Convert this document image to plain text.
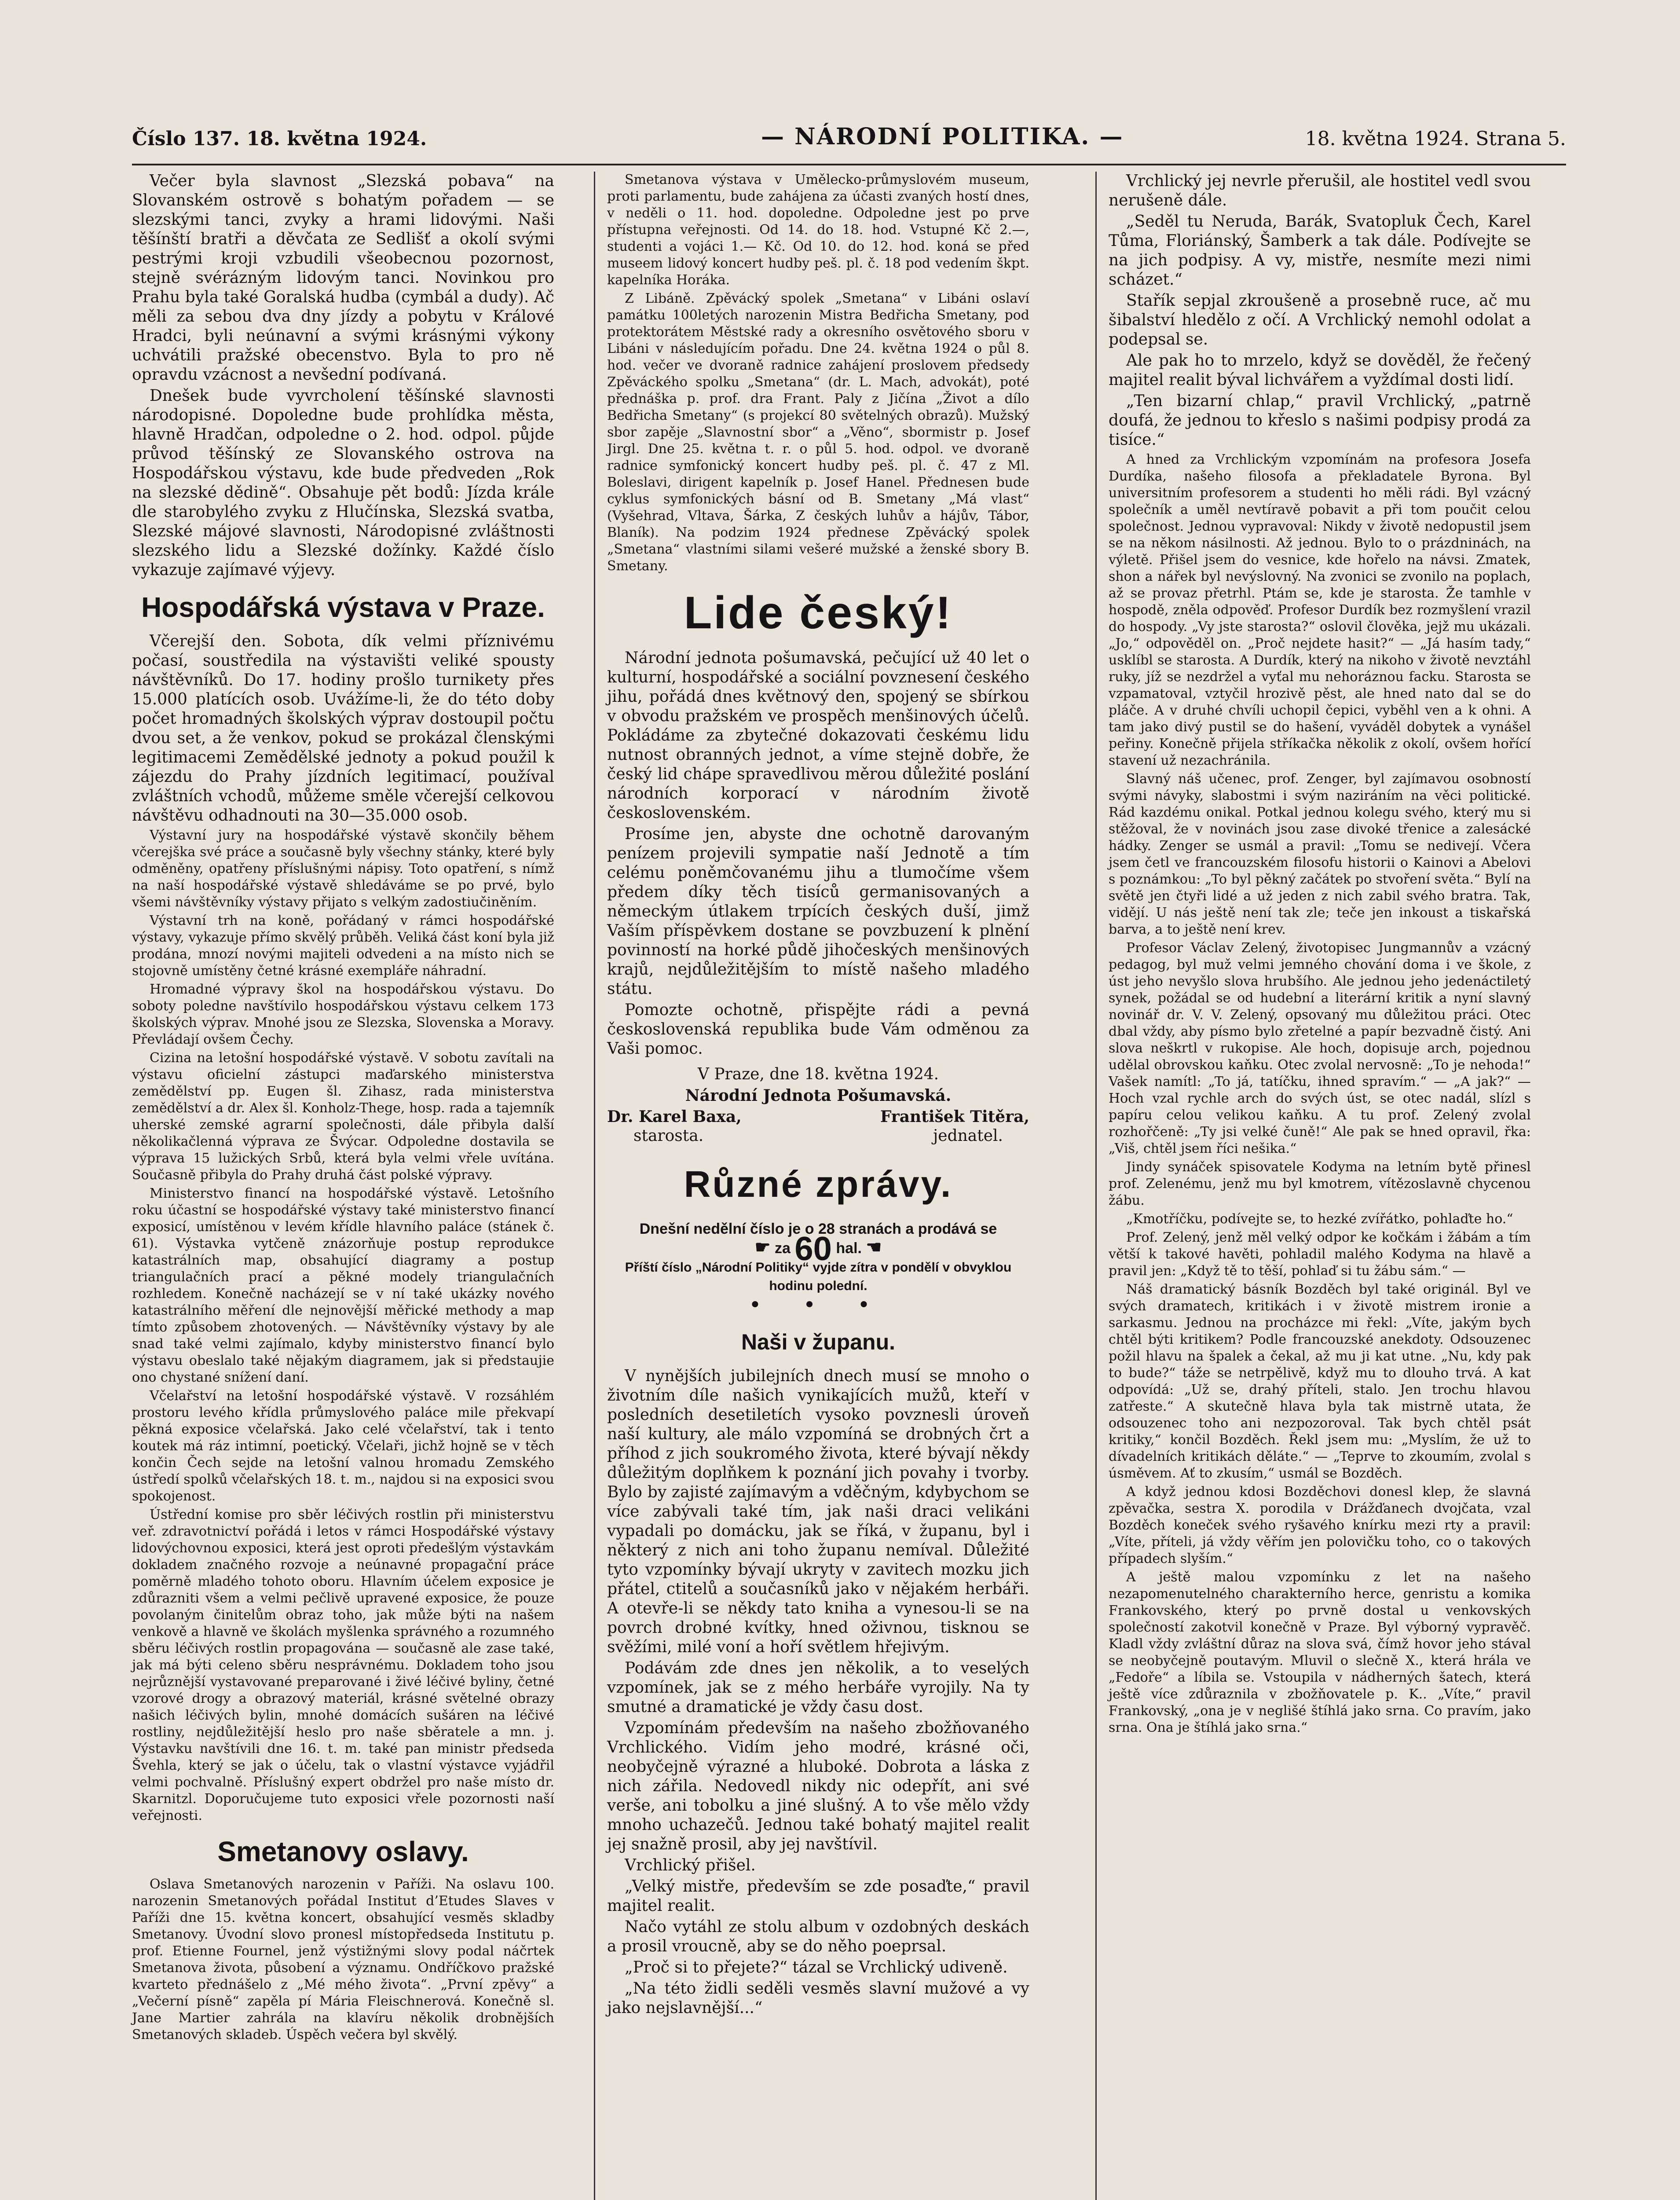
Číslo 137. 18. května 1924.	— NÁRODNÍ POLITIKA. —	18. května 1924. Strana 5.

Večer byla slavnost „Slezská pobava“ na Slovanském ostrově s bohatým pořadem — se slezskými tanci, zvyky a hrami lidovými. Naši těšínští bratři a děvčata ze Sedlišť a okolí svými pestrými kroji vzbudili všeobecnou pozornost, stejně svérázným lidovým tanci. Novinkou pro Prahu byla také Goralská hudba (cymbál a dudy). Ač měli za sebou dva dny jízdy a pobytu v Králové Hradci, byli neúnavní a svými krásnými výkony uchvátili pražské obecenstvo. Byla to pro ně opravdu vzácnost a nevšední podívaná.

Dnešek bude vyvrcholení těšínské slavnosti národopisné. Dopoledne bude prohlídka města, hlavně Hradčan, odpoledne o 2. hod. odpol. půjde průvod těšínský ze Slovanského ostrova na Hospodářskou výstavu, kde bude předveden „Rok na slezské dědině“. Obsahuje pět bodů: Jízda krále dle starobylého zvyku z Hlučínska, Slezská svatba, Slezské májové slavnosti, Národopisné zvláštnosti slezského lidu a Slezské dožínky. Každé číslo vykazuje zajímavé výjevy.

Hospodářská výstava v Praze.

Včerejší den. Sobota, dík velmi příznivému počasí, soustředila na výstavišti veliké spousty návštěvníků. Do 17. hodiny prošlo turnikety přes 15.000 platících osob. Uvážíme-li, že do této doby počet hromadných školských výprav dostoupil počtu dvou set, a že venkov, pokud se prokázal členskými legitimacemi Zemědělské jednoty a pokud použil k zájezdu do Prahy jízdních legitimací, používal zvláštních vchodů, můžeme směle včerejší celkovou návštěvu odhadnouti na 30—35.000 osob.

Výstavní jury na hospodářské výstavě skončily během včerejška své práce a současně byly všechny stánky, které byly odměněny, opatřeny příslušnými nápisy. Toto opatření, s nímž na naší hospodářské výstavě shledáváme se po prvé, bylo všemi návštěvníky výstavy přijato s velkým zadostiučiněním.

Výstavní trh na koně, pořádaný v rámci hospodářské výstavy, vykazuje přímo skvělý průběh. Veliká část koní byla již prodána, mnozí novými majiteli odvedeni a na místo nich se stojovně umístěny četné krásné exempláře náhradní.

Hromadné výpravy škol na hospodářskou výstavu. Do soboty poledne navštívilo hospodářskou výstavu celkem 173 školských výprav. Mnohé jsou ze Slezska, Slovenska a Moravy. Převládají ovšem Čechy.

Cizina na letošní hospodářské výstavě. V sobotu zavítali na výstavu oficielní zástupci maďarského ministerstva zemědělství pp. Eugen šl. Zihasz, rada ministerstva zemědělství a dr. Alex šl. Konholz-Thege, hosp. rada a tajemník uherské zemské agrarní společnosti, dále přibyla další několikačlenná výprava ze Švýcar. Odpoledne dostavila se výprava 15 lužických Srbů, která byla velmi vřele uvítána. Současně přibyla do Prahy druhá část polské výpravy.

Ministerstvo financí na hospodářské výstavě. Letošního roku účastní se hospodářské výstavy také ministerstvo financí exposicí, umístěnou v levém křídle hlavního paláce (stánek č. 61). Výstavka vytčeně znázorňuje postup reprodukce katastrálních map, obsahující diagramy a postup triangulačních prací a pěkné modely triangulačních rozhledem. Konečně nacházejí se v ní také ukázky nového katastrálního měření dle nejnovější měřické methody a map tímto způsobem zhotovených. — Návštěvníky výstavy by ale snad také velmi zajímalo, kdyby ministerstvo financí bylo výstavu obeslalo také nějakým diagramem, jak si předstaujie ono chystané snížení daní.

Včelařství na letošní hospodářské výstavě. V rozsáhlém prostoru levého křídla průmyslového paláce mile překvapí pěkná exposice včelařská. Jako celé včelařství, tak i tento koutek má ráz intimní, poetický. Včelaři, jichž hojně se v těch končin Čech sejde na letošní valnou hromadu Zemského ústředí spolků včelařských 18. t. m., najdou si na exposici svou spokojenost.

Ústřední komise pro sběr léčivých rostlin při ministerstvu veř. zdravotnictví pořádá i letos v rámci Hospodářské výstavy lidovýchovnou exposici, která jest oproti předešlým výstavkám dokladem značného rozvoje a neúnavné propagační práce poměrně mladého tohoto oboru. Hlavním účelem exposice je zdůrazniti všem a velmi pečlivě upravené exposice, že pouze povolaným činitelům obraz toho, jak může býti na našem venkově a hlavně ve školách myšlenka správného a rozumného sběru léčivých rostlin propagována — současně ale zase také, jak má býti celeno sběru nesprávnému. Dokladem toho jsou nejrůznější vystavované preparované i živé léčivé byliny, četné vzorové drogy a obrazový materiál, krásné světelné obrazy našich léčivých bylin, mnohé domácích sušáren na léčivé rostliny, nejdůležitější heslo pro naše sběratele a mn. j. Výstavku navštívili dne 16. t. m. také pan ministr předseda Švehla, který se jak o účelu, tak o vlastní výstavce vyjádřil velmi pochvalně. Příslušný expert obdržel pro naše místo dr. Skarnitzl. Doporučujeme tuto exposici vřele pozornosti naší veřejnosti.

Smetanovy oslavy.

Oslava Smetanových narozenin v Paříži. Na oslavu 100. narozenin Smetanových pořádal Institut d’Etudes Slaves v Paříži dne 15. května koncert, obsahující vesměs skladby Smetanovy. Úvodní slovo pronesl místopředseda Institutu p. prof. Etienne Fournel, jenž výstižnými slovy podal náčrtek Smetanova života, působení a významu. Ondříčkovo pražské kvarteto přednášelo z „Mé mého života“. „První zpěvy“ a „Večerní písně“ zapěla pí Mária Fleischnerová. Konečně sl. Jane Martier zahrála na klavíru několik drobnějších Smetanových skladeb. Úspěch večera byl skvělý.

Smetanova výstava v Umělecko-průmyslovém museum, proti parlamentu, bude zahájena za účasti zvaných hostí dnes, v neděli o 11. hod. dopoledne. Odpoledne jest po prve přístupna veřejnosti. Od 14. do 18. hod. Vstupné Kč 2.—, studenti a vojáci 1.— Kč. Od 10. do 12. hod. koná se před museem lidový koncert hudby peš. pl. č. 18 pod vedením škpt. kapelníka Horáka.

Z Libáně. Zpěvácký spolek „Smetana“ v Libáni oslaví památku 100letých narozenin Mistra Bedřicha Smetany, pod protektorátem Městské rady a okresního osvětového sboru v Libáni v následujícím pořadu. Dne 24. května 1924 o půl 8. hod. večer ve dvoraně radnice zahájení proslovem předsedy Zpěváckého spolku „Smetana“ (dr. L. Mach, advokát), poté přednáška p. prof. dra Frant. Paly z Jičína „Život a dílo Bedřicha Smetany“ (s projekcí 80 světelných obrazů). Mužský sbor zapěje „Slavnostní sbor“ a „Věno“, sbormistr p. Josef Jirgl. Dne 25. května t. r. o půl 5. hod. odpol. ve dvoraně radnice symfonický koncert hudby peš. pl. č. 47 z Ml. Boleslavi, dirigent kapelník p. Josef Hanel. Přednesen bude cyklus symfonických básní od B. Smetany „Má vlast“ (Vyšehrad, Vltava, Šárka, Z českých luhův a hájův, Tábor, Blaník). Na podzim 1924 přednese Zpěvácký spolek „Smetana“ vlastními silami vešeré mužské a ženské sbory B. Smetany.

Lide český!

Národní jednota pošumavská, pečující už 40 let o kulturní, hospodářské a sociální povznesení českého jihu, pořádá dnes květnový den, spojený se sbírkou v obvodu pražském ve prospěch menšinových účelů. Pokládáme za zbytečné dokazovati českému lidu nutnost obranných jednot, a víme stejně dobře, že český lid chápe spravedlivou měrou důležité poslání národních korporací v národním životě československém.

Prosíme jen, abyste dne ochotně darovaným penízem projevili sympatie naší Jednotě a tím celému poněmčovanému jihu a tlumočíme všem předem díky těch tisíců germanisovaných a německým útlakem trpících českých duší, jimž Vaším příspěvkem dostane se povzbuzení k plnění povinností na horké půdě jihočeských menšinových krajů, nejdůležitějším to místě našeho mladého státu.

Pomozte ochotně, přispějte rádi a pevná československá republika bude Vám odměnou za Vaši pomoc.

V Praze, dne 18. května 1924.

Národní Jednota Pošumavská.

Dr. Karel Baxa,	František Titěra,
starosta.	jednatel.
Různé zprávy.
Dnešní nedělní číslo je o 28 stranách a prodává se
☛ za 60 hal. ☚
Příští číslo „Národní Politiky“ vyjde zítra v pondělí v obvyklou hodinu polední.
• • •
Naši v županu.

V nynějších jubilejních dnech musí se mnoho o životním díle našich vynikajících mužů, kteří v posledních desetiletích vysoko povznesli úroveň naší kultury, ale málo vzpomíná se drobných črt a příhod z jich soukromého života, které bývají někdy důležitým doplňkem k poznání jich povahy i tvorby. Bylo by zajisté zajímavým a vděčným, kdybychom se více zabývali také tím, jak naši draci velikáni vypadali po domácku, jak se říká, v županu, byl i některý z nich ani toho županu nemíval. Důležité tyto vzpomínky bývají ukryty v zavitech mozku jich přátel, ctitelů a současníků jako v nějakém herbáři. A otevře-li se někdy tato kniha a vynesou-li se na povrch drobné kvítky, hned oživnou, tisknou se svěžími, milé voní a hoří světlem hřejivým.

Podávám zde dnes jen několik, a to veselých vzpomínek, jak se z mého herbáře vyrojily. Na ty smutné a dramatické je vždy času dost.

Vzpomínám především na našeho zbožňovaného Vrchlického. Vidím jeho modré, krásné oči, neobyčejně výrazné a hluboké. Dobrota a láska z nich zářila. Nedovedl nikdy nic odepřít, ani své verše, ani tobolku a jiné slušný. A to vše mělo vždy mnoho uchazečů. Jednou také bohatý majitel realit jej snažně prosil, aby jej navštívil.

Vrchlický přišel.

„Velký mistře, především se zde posaďte,“ pravil majitel realit.

Načo vytáhl ze stolu album v ozdobných deskách a prosil vroucně, aby se do něho poeprsal.

„Proč si to přejete?“ tázal se Vrchlický udiveně.

„Na této židli seděli vesměs slavní mužové a vy jako nejslavnější...“

Vrchlický jej nevrle přerušil, ale hostitel vedl svou nerušeně dále.

„Seděl tu Neruda, Barák, Svatopluk Čech, Karel Tůma, Floriánský, Šamberk a tak dále. Podívejte se na jich podpisy. A vy, mistře, nesmíte mezi nimi scházet.“

Stařík sepjal zkroušeně a prosebně ruce, ač mu šibalství hledělo z očí. A Vrchlický nemohl odolat a podepsal se.

Ale pak ho to mrzelo, když se dověděl, že řečený majitel realit býval lichvářem a vyždímal dosti lidí.

„Ten bizarní chlap,“ pravil Vrchlický, „patrně doufá, že jednou to křeslo s našimi podpisy prodá za tisíce.“

A hned za Vrchlickým vzpomínám na profesora Josefa Durdíka, našeho filosofa a překladatele Byrona. Byl universitním profesorem a studenti ho měli rádi. Byl vzácný společník a uměl nevtíravě pobavit a při tom poučit celou společnost. Jednou vypravoval: Nikdy v životě nedopustil jsem se na někom násilnosti. Až jednou. Bylo to o prázdninách, na výletě. Přišel jsem do vesnice, kde hořelo na návsi. Zmatek, shon a nářek byl nevýslovný. Na zvonici se zvonilo na poplach, až se provaz přetrhl. Ptám se, kde je starosta. Že tamhle v hospodě, zněla odpověď. Profesor Durdík bez rozmyšlení vrazil do hospody. „Vy jste starosta?“ oslovil člověka, jejž mu ukázali. „Jo,“ odpověděl on. „Proč nejdete hasit?“ — „Já hasím tady,“ usklíbl se starosta. A Durdík, který na nikoho v životě nevztáhl ruky, jíž se nezdržel a vyťal mu nehoráznou facku. Starosta se vzpamatoval, vztyčil hrozivě pěst, ale hned nato dal se do pláče. A v druhé chvíli uchopil čepici, vyběhl ven a k ohni. A tam jako divý pustil se do hašení, vyváděl dobytek a vynášel peřiny. Konečně přijela stříkačka několik z okolí, ovšem hořící stavení už nezachránila.

Slavný náš učenec, prof. Zenger, byl zajímavou osobností svými návyky, slabostmi i svým naziráním na věci politické. Rád kazdému onikal. Potkal jednou kolegu svého, který mu si stěžoval, že v novinách jsou zase divoké třenice a zalesácké hádky. Zenger se usmál a pravil: „Tomu se nedivejí. Včera jsem četl ve francouzském filosofu historii o Kainovi a Abelovi s poznámkou: „To byl pěkný začátek po stvoření světa.“ Bylí na světě jen čtyři lidé a už jeden z nich zabil svého bratra. Tak, vidějí. U nás ještě není tak zle; teče jen inkoust a tiskařská barva, a to ještě není krev.

Profesor Václav Zelený, životopisec Jungmannův a vzácný pedagog, byl muž velmi jemného chování doma i ve škole, z úst jeho nevyšlo slova hrubšího. Ale jednou jeho jedenáctiletý synek, požádal se od hudební a literární kritik a nyní slavný novinář dr. V. V. Zelený, opsovaný mu důležitou práci. Otec dbal vždy, aby písmo bylo zřetelné a papír bezvadně čistý. Ani slova neškrtl v rukopise. Ale hoch, dopisuje arch, pojednou udělal obrovskou kaňku. Otec zvolal nervosně: „To je nehoda!“ Vašek namítl: „To já, tatíčku, ihned spravím.“ — „A jak?“ — Hoch vzal rychle arch do svých úst, se otec nadál, slízl s papíru celou velikou kaňku. A tu prof. Zelený zvolal rozhořčeně: „Ty jsi velké čuně!“ Ale pak se hned opravil, řka: „Viš, chtěl jsem říci nešika.“

Jindy synáček spisovatele Kodyma na letním bytě přinesl prof. Zelenému, jenž mu byl kmotrem, vítězoslavně chycenou žábu.

„Kmotříčku, podívejte se, to hezké zvířátko, pohlaďte ho.“

Prof. Zelený, jenž měl velký odpor ke kočkám i žábám a tím větší k takové havěti, pohladil malého Kodyma na hlavě a pravil jen: „Když tě to těší, pohlaď si tu žábu sám.“ —

Náš dramatický básník Bozděch byl také originál. Byl ve svých dramatech, kritikách i v životě mistrem ironie a sarkasmu. Jednou na procházce mi řekl: „Víte, jakým bych chtěl býti kritikem? Podle francouzské anekdoty. Odsouzenec požil hlavu na špalek a čekal, až mu ji kat utne. „Nu, kdy pak to bude?“ táže se netrpělivě, když mu to dlouho trvá. A kat odpovídá: „Už se, drahý příteli, stalo. Jen trochu hlavou zatřeste.“ A skutečně hlava byla tak mistrně utata, že odsouzenec toho ani nezpozoroval. Tak bych chtěl psát kritiky,“ končil Bozděch. Řekl jsem mu: „Myslím, že už to dívadelních kritikách děláte.“ — „Teprve to zkoumím, zvolal s úsměvem. Ať to zkusím,“ usmál se Bozděch.

A když jednou kdosi Bozděchovi donesl klep, že slavná zpěvačka, sestra X. porodila v Drážďanech dvojčata, vzal Bozděch koneček svého ryšavého knírku mezi rty a pravil: „Víte, příteli, já vždy věřím jen polovičku toho, co o takových případech slyším.“

A ještě malou vzpomínku z let na našeho nezapomenutelného charakterního herce, genristu a komika Frankovského, který po prvně dostal u venkovských společností zakotvil konečně v Praze. Byl výborný vypravěč. Kladl vždy zvláštní důraz na slova svá, čímž hovor jeho stával se neobyčejně poutavým. Mluvil o slečně X., která hrála ve „Fedoře“ a líbila se. Vstoupila v nádherných šatech, která ještě více zdůraznila v zbožňovatele p. K.. „Víte,“ pravil Frankovský, „ona je v neglišé štíhlá jako srna. Co pravím, jako srna. Ona je štíhlá jako srna.“
